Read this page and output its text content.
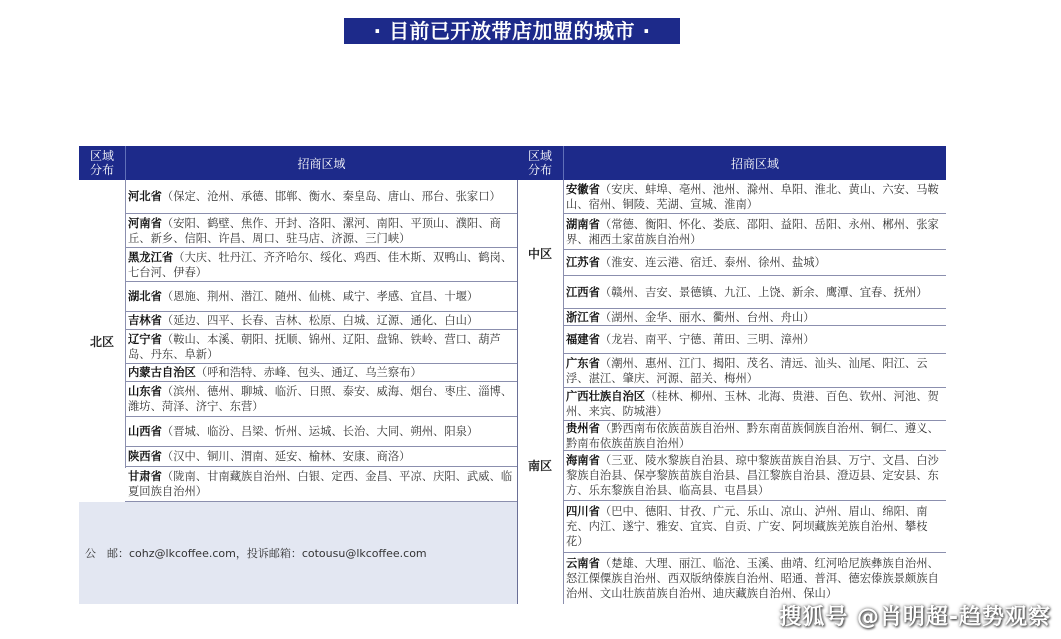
· 目前已开放带店加盟的城市 ·
区域
分布	招商区域
区域
分布	招商区域
北区
河北省（保定、沧州、承德、邯郸、衡水、秦皇岛、唐山、邢台、张家口）
河南省（安阳、鹤壁、焦作、开封、洛阳、漯河、南阳、平顶山、濮阳、商丘、新乡、信阳、许昌、周口、驻马店、济源、三门峡）
黑龙江省（大庆、牡丹江、齐齐哈尔、绥化、鸡西、佳木斯、双鸭山、鹤岗、七台河、伊春）
湖北省（恩施、荆州、潜江、随州、仙桃、咸宁、孝感、宜昌、十堰）
吉林省（延边、四平、长春、吉林、松原、白城、辽源、通化、白山）
辽宁省（鞍山、本溪、朝阳、抚顺、锦州、辽阳、盘锦、铁岭、营口、葫芦岛、丹东、阜新）
内蒙古自治区（呼和浩特、赤峰、包头、通辽、乌兰察布）
山东省（滨州、德州、聊城、临沂、日照、泰安、威海、烟台、枣庄、淄博、潍坊、菏泽、济宁、东营）
山西省（晋城、临汾、吕梁、忻州、运城、长治、大同、朔州、阳泉）
陕西省（汉中、铜川、渭南、延安、榆林、安康、商洛）
甘肃省（陇南、甘南藏族自治州、白银、定西、金昌、平凉、庆阳、武威、临夏回族自治州）
公　邮：cohz@lkcoffee.com，投诉邮箱：cotousu@lkcoffee.com
中区
南区
安徽省（安庆、蚌埠、亳州、池州、滁州、阜阳、淮北、黄山、六安、马鞍山、宿州、铜陵、芜湖、宣城、淮南）
湖南省（常德、衡阳、怀化、娄底、邵阳、益阳、岳阳、永州、郴州、张家界、湘西土家苗族自治州）
江苏省（淮安、连云港、宿迁、泰州、徐州、盐城）
江西省（赣州、吉安、景德镇、九江、上饶、新余、鹰潭、宜春、抚州）
浙江省（湖州、金华、丽水、衢州、台州、舟山）
福建省（龙岩、南平、宁德、莆田、三明、漳州）
广东省（潮州、惠州、江门、揭阳、茂名、清远、汕头、汕尾、阳江、云浮、湛江、肇庆、河源、韶关、梅州）
广西壮族自治区（桂林、柳州、玉林、北海、贵港、百色、钦州、河池、贺州、来宾、防城港）
贵州省（黔西南布依族苗族自治州、黔东南苗族侗族自治州、铜仁、遵义、黔南布依族苗族自治州）
海南省（三亚、陵水黎族自治县、琼中黎族苗族自治县、万宁、文昌、白沙黎族自治县、保亭黎族苗族自治县、昌江黎族自治县、澄迈县、定安县、东方、乐东黎族自治县、临高县、屯昌县）
四川省（巴中、德阳、甘孜、广元、乐山、凉山、泸州、眉山、绵阳、南充、内江、遂宁、雅安、宜宾、自贡、广安、阿坝藏族羌族自治州、攀枝花）
云南省（楚雄、大理、丽江、临沧、玉溪、曲靖、红河哈尼族彝族自治州、怒江傈僳族自治州、西双版纳傣族自治州、昭通、普洱、德宏傣族景颇族自治州、文山壮族苗族自治州、迪庆藏族自治州、保山）
搜狐号 @肖明超-趋势观察
